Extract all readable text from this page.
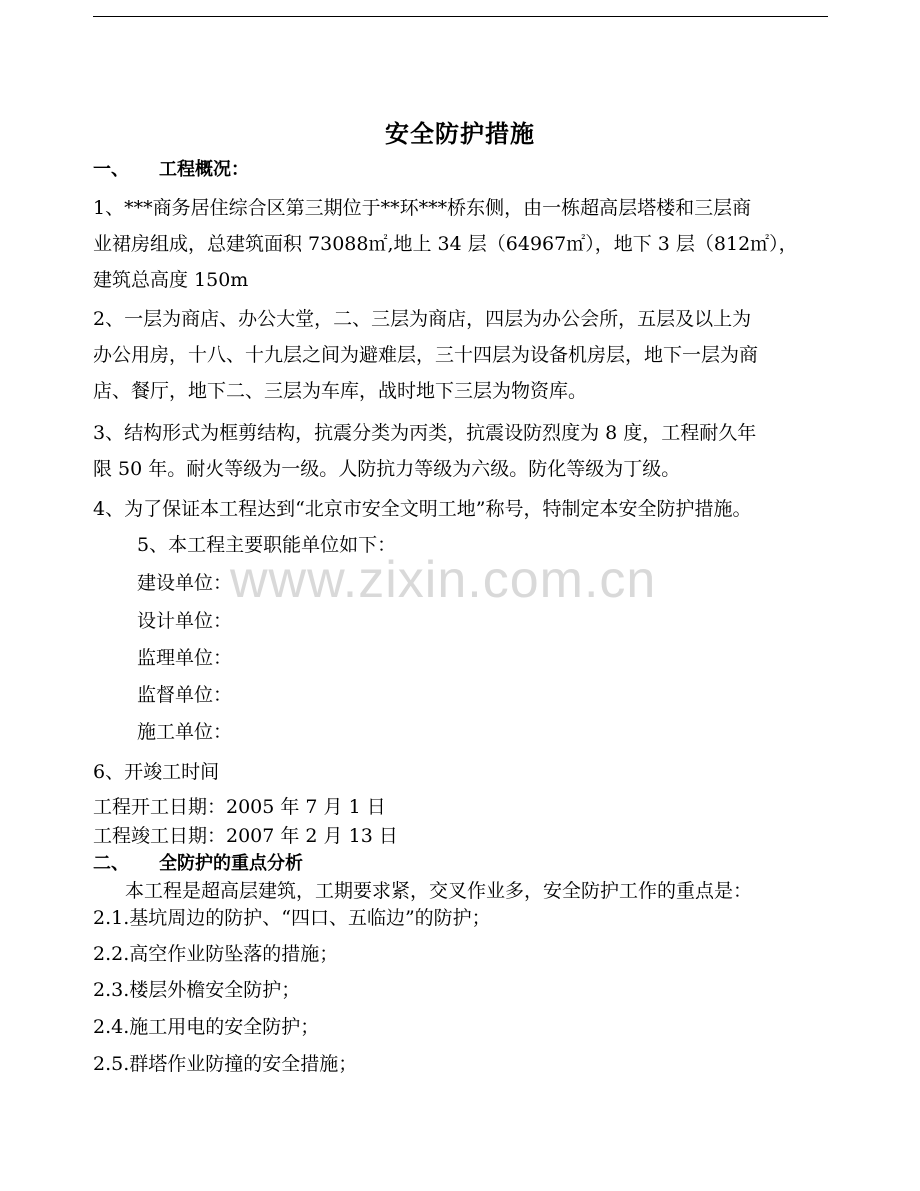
www.zixin.com.cn
安全防护措施
一、 工程概况：
1、***商务居住综合区第三期位于**环***桥东侧，由一栋超高层塔楼和三层商
业裙房组成，总建筑面积 73088㎡,地上 34 层（64967㎡），地下 3 层（812㎡），
建筑总高度 150m
2、一层为商店、办公大堂，二、三层为商店，四层为办公会所，五层及以上为
办公用房，十八、十九层之间为避难层，三十四层为设备机房层，地下一层为商
店、餐厅，地下二、三层为车库，战时地下三层为物资库。
3、结构形式为框剪结构，抗震分类为丙类，抗震设防烈度为 8 度，工程耐久年
限 50 年。耐火等级为一级。人防抗力等级为六级。防化等级为丁级。
4、为了保证本工程达到“北京市安全文明工地”称号，特制定本安全防护措施。
5、本工程主要职能单位如下：
建设单位：
设计单位：
监理单位：
监督单位：
施工单位：
6、开竣工时间
工程开工日期：2005 年 7 月 1 日
工程竣工日期：2007 年 2 月 13 日
二、 全防护的重点分析
本工程是超高层建筑，工期要求紧，交叉作业多，安全防护工作的重点是：
2.1.基坑周边的防护、“四口、五临边”的防护；
2.2.高空作业防坠落的措施；
2.3.楼层外檐安全防护；
2.4.施工用电的安全防护；
2.5.群塔作业防撞的安全措施；
